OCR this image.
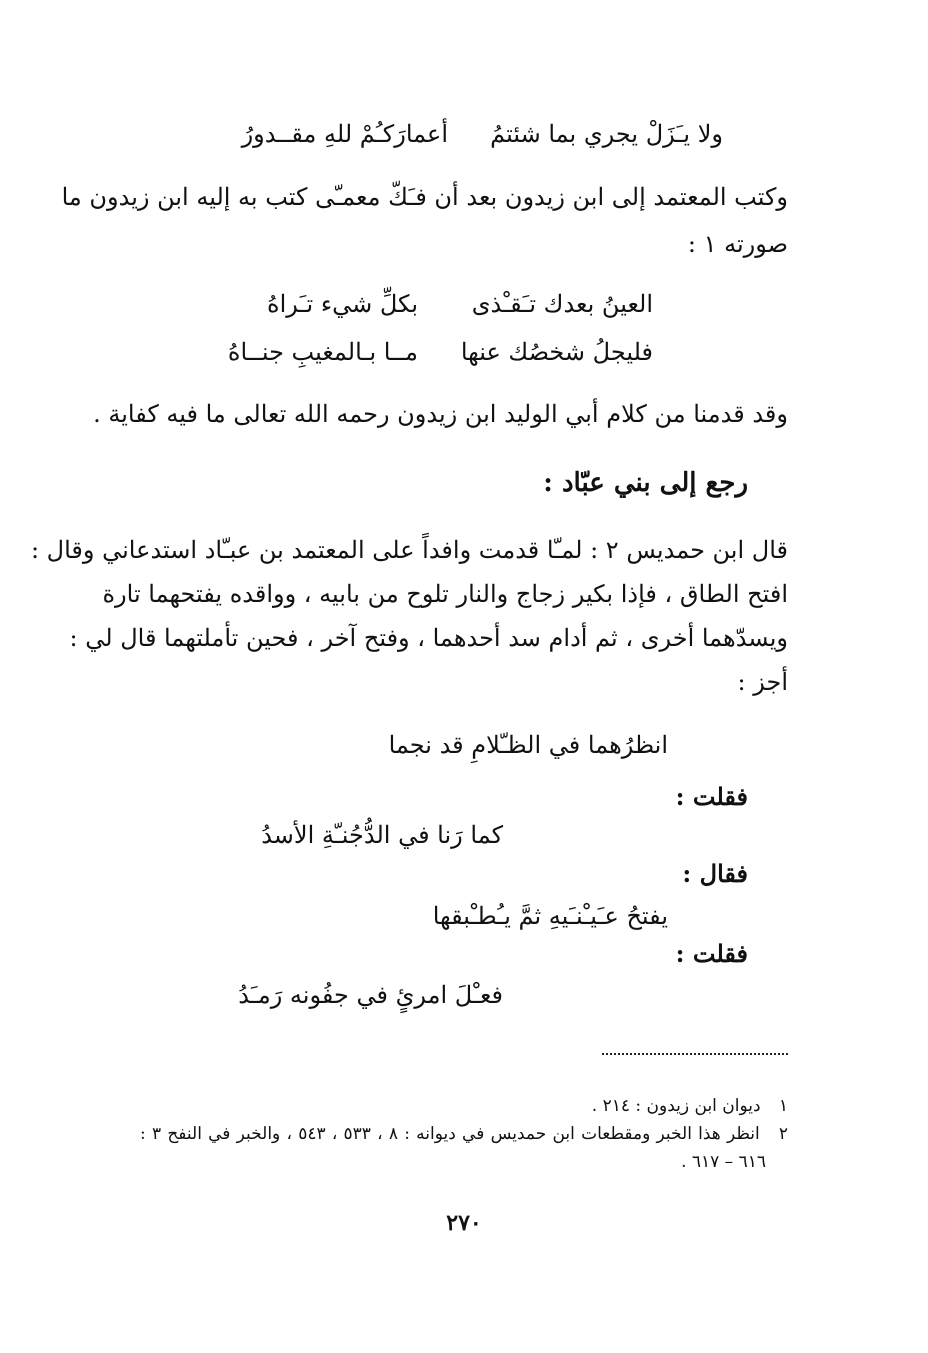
ولا يـَزَلْ يجري بما شئتمُ
أعمارَكـُمْ للهِ مقــدورُ
وكتب المعتمد إلى ابن زيدون بعد أن فـَكّ معمـّى كتب به إليه ابن زيدون ما
صورته ١ :
العينُ بعدك تـَقـْذى
بكلِّ شيء تـَراهُ
فليجلُ شخصُك عنها
مــا بـالمغيبِ جنــاهُ
وقد قدمنا من كلام أبي الوليد ابن زيدون رحمه الله تعالى ما فيه كفاية .
رجع إلى بني عبّاد :
قال ابن حمديس ٢ : لمـّا قدمت وافداً على المعتمد بن عبـّاد استدعاني وقال :
افتح الطاق ، فإذا بكير زجاج والنار تلوح من بابيه ، وواقده يفتحهما تارة
ويسدّهما أخرى ، ثم أدام سد أحدهما ، وفتح آخر ، فحين تأملتهما قال لي :
أجز :
انظرُهما في الظـّلامِ قد نجما
فقلت :
كما رَنا في الدُّجُنـّةِ الأسدُ
فقال :
يفتحُ عـَيـْنـَيهِ ثمَّ يـُطـْبقها
فقلت :
فعـْلَ امرئٍ في جفُونه رَمـَدُ
١ ديوان ابن زيدون : ٢١٤ .
٢ انظر هذا الخبر ومقطعات ابن حمديس في ديوانه : ٨ ، ٥٣٣ ، ٥٤٣ ، والخبر في النفح ٣ :
٦١٦ – ٦١٧ .
٢٧٠
